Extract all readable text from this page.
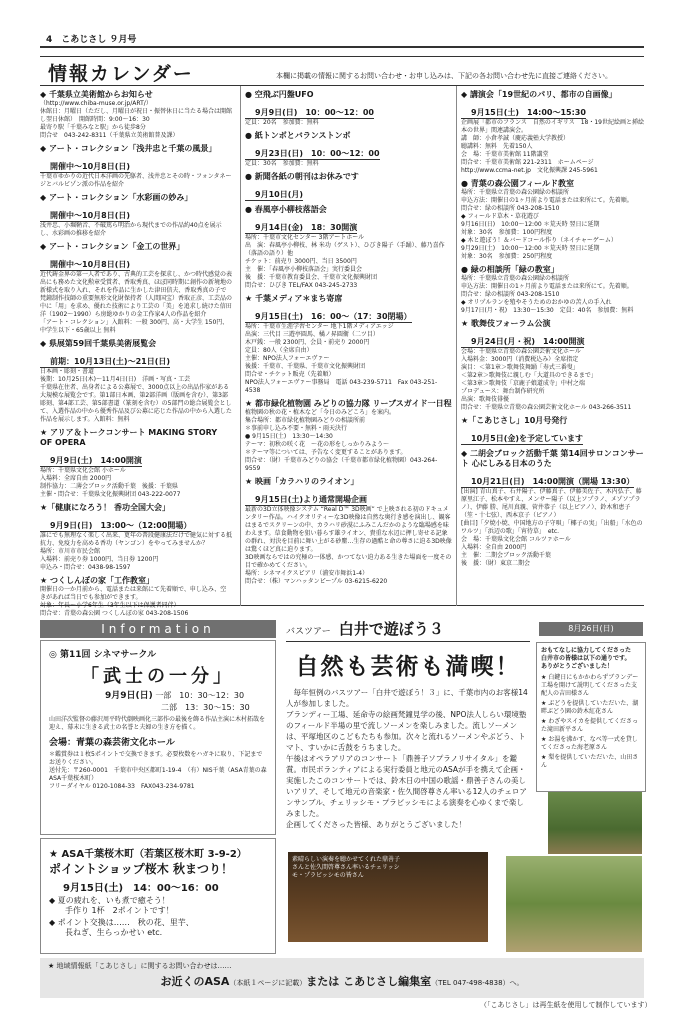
4　こあじさし ９月号
情報カレンダー	本欄に掲載の情報に関するお問い合わせ・お申し込みは、下記の各お問い合わせ先に直接ご連絡ください。
◆ 千葉県立美術館からお知らせ
（http://www.chiba-muse.or.jp/ART/）
休館日：月曜日（ただし、月曜日が祝日・振替休日に当たる場合は開館し翌日休館）　開館時間：9:00〜16：30
最寄り駅「千葉みなと駅」から徒歩8分
問合せ　043-242-8311（千葉県立美術館普及課）
◆ アート・コレクション「浅井忠と千葉の風景」
開催中〜10月8日(日)
千葉市ゆかりの近代日本洋画の先駆者、浅井忠とその時・フォンタネージとバルビゾン派の作品を紹介
◆ アート・コレクション「水彩画の妙み」
開催中〜10月8日(日)
浅井忠、小堀鞆音、不破篤ら明治から現代までの作品約40点を展示し、水彩画の推移を紹介
◆ アート・コレクション「金工の世界」
開催中〜10月8日(日)
近代鋳金界の第一人者であり、古典的工芸を探求し、かつ時代感覚の表出にも務めた文化勲章受賞者、香取秀真、ほぼ同時期に創作の新境地の新様式を取り入れ、それを作品に生かした津田信夫、香取秀真の子で梵鐘制作技師の重要無形文化財保持者（人間国宝）香取正彦、工芸品の中に「用」を求め、優れた技術により工芸の「美」を追求し続けた信田洋（1902〜1990）ら房総ゆかりの金工作家4人の作品を紹介
「アート・コレクション」入館料：一般 300円、高・大学生 150円、中学生以下・65歳以上 無料
◆ 県展第59回千葉県美術展覧会
前期：10月13日(土)〜21日(日)
日本画・彫刻・書道
後期：10月25日(木)〜11月4日(日)　洋画・写真・工芸
千葉県在住者、出身者による公募展で、3000点以上の出品作家がある大規模な展覧会です。第1部日本画、第2部洋画（版画を含む）、第3部彫刻、第4部工芸、第5部書道（篆刻を含む）の5部門の総合展覧会として、入選作品の中から優秀作品及び公募に応じた作品の中から入選した作品を展示します。入館料：無料
★ アリア＆トークコンサート MAKING STORY OF OPERA
9月9日(土)　14:00開演
場所：千葉県文化会館 小ホール
入場料：全席自由 2000円
制作協力：二薄会ブロック活動千葉　後援：千葉県
主催・問合せ：千葉県文化振興財団 043-222-0077
★「健康になろう！ 香功全国大会」
9月9日(日)　13:00〜（12:00開場）
誰にでも無理なく楽しく出来、更年の普段健康法だけで健気に対する抵抗力、免疫力を高める香功（ヤンゴン）をやってみませんか？
場所：市川市市民会館
入場料：前売り券 1000円、当日券 1200円
申込み・問合せ：0438-98-1597
★ つくしんぼの家「工作教室」
開催日の一か月前から、電話または来館にて先着順で、申し込み、空きがあれば当日でも参加ができます。
対象：年長〜小学6年生（3年生以下は保護者同伴）
問合せ：青葉の森公園 つくしんぼの家 043-208-1506
● 空飛ぶ円盤UFO
9月9日(日)　10：00〜12：00
定員：20名　参加費：無料
● 紙トンボとバランストンボ
9月23日(日)　10：00〜12：00
定員：30名　参加費：無料
● 新聞各紙の朝刊はお休みです
9月10日(月)
● 春風亭小柳枝落語会
9月14日(金)　18：30開演
場所：千葉市文化センター 3階アートホール
出　演：春風亭小柳枝、林 米功（ゲスト）、ひびき陽子（手踊）、藤乃喜作（落語の語り）他
チケット：前売り 3000円、当日 3500円
主　催：「春風亭小柳枝落語会」実行委員会
後　援：千葉市教育委員会、千葉市文化振興財団
問合せ：ひびき TEL/FAX 043-245-2733
★ 千葉メディア＊まち寄席
9月15日(土)　16：00〜（17：30閉場）
場所：千葉市生涯学習センター 地下1階メディアエッジ
出演：三代目 三遊亭圓馬、橘ノ昇圓衛（二ツ目）
木戸銭：一般 2300円、会員・前売り 2000円
定員：80人（全席自由）
主催：NPO法人フォーエヴァー
後援：千葉市、千葉県、千葉市文化振興財団
問合せ・チケット販売（先着順）
NPO法人フォーエヴァー事務局　電話 043-239-5711　Fax 043-251-4538
★ 都市緑化植物園 みどりの協力隊 リーブスガイド一日程
植物園の秋の花・植木など「今日のみどころ」を案内。
集合場所：都市緑化植物園みどりの相談所前
＊事前申し込み不要・無料・雨天決行
● 9月15日(土)　13:30〜14:30
テーマ：初秋の咲く花　〜花の形をしっかりみよう〜
＊テーマ等については、予告なく変更することがあります。
問合せ：（財）千葉市みどりの協会（千葉市都市緑化植物園）043-264-9559
★ 映画「カラハリのライオン」
9月15日(土)より通常開場企画
最新の3D立体映像システム “Real D™ 3D映画” で上映される初のドキュメンタリー作品。ハイクオリティーな3D映像は自然な奥行き感を演出し、観客はまるでスクリーンの中、カラハリ砂漠にふみこんだかのような臨場感を味わえます。草食動物を狙い暮らす雄ライオン、貴重な水辺に押し寄せる記象の群れ、対決を目前に舞い上がる砂塵…生存の過酷と命の尊さに迫る3D映像は驚くほど真に迫ります。
3D映画ならではの究極の一体感、かつてない迫力ある生きた場面を一度その目で確かめてください。
場所：シネマイクスピアリ（浦安市舞浜1-4）
問合せ：（株）マンハッタンピープル 03-6215-6220
◆ 講演会「19世紀のパリ、都市の自画像」
9月15日(土)　14:00〜15:30
企画展「都市のフランス　自然のイギリス　18・19世紀絵画と挿絵本の世界」関連講演会。
講　師：小倉孝誠（慶応義塾大学教授）
聴講料：無料　先着150人
会　場：千葉市美術館 11階講堂
問合せ：千葉市美術館 221-2311　ホームページ http://www.ccma-net.jp　文化振興課 245-5961
● 青葉の森公園フィールド教室
場所：千葉県立青葉の森公園緑の相談所
申込方法：開催日の1ヶ月前より電話または来所にて。先着順。
問合せ：緑の相談所 043-208-1510
◆ フィールド草木・草花遊び
9月16日(日)　10:00〜12:00 ＊荒天時 翌日に延期
対象：30名　参加費：100円程度
◆ 木と遊ぼう！＆バードコール作り（ネイチャーゲーム）
9月29日(土)　10:00〜12:00 ＊荒天時 翌日に延期
対象：30名　参加費：250円程度
● 緑の相談所「緑の教室」
場所：千葉県立青葉の森公園緑の相談所
申込方法：開催日の1ヶ月前より電話または来所にて。先着順。
問合せ：緑の相談所 043-208-1510
◆ オリヅルランを殖やそうためのおかゆの苦人の手入れ
9月17日(月・祝)　13:30〜15:30　定員：40名　参加費：無料
★ 歌舞伎フォーラム公演
9月24日(月・祝)　14:00開演
会場：千葉県立青葉の森公園芸術文化ホール
入場料金：3000円（消費税込み）全席指定
演目：＜第1章＞歌舞伎舞踊「寿式三番叟」
＜第2章＞歌舞伎に親しむ「大道具のできるまで」
＜第3章＞歌舞伎「京鹿子娘道成寺」中村之端
プロデュース：舞台制作研究所
出演：歌舞伎俳優
問合せ：千葉県立青葉の森公園芸術文化ホール 043-266-3511
★「こあじさし」10月号発行
10月5日(金)を予定しています
◆ 二胡会ブロック活動千葉 第14回サロンコンサート 心にしみる日本のうた
10月21日(日)　14:00開演（開場 13:30）
[出演] 青山真子、石井陽子、伊藤真子、伊藤美佐子、木内弘子、藤原里江子、松本やすえ、メンサー陽子（以上ソプラノ、メゾソプラノ）、伊藤 勝、尾川真親、菅井恭子（以上ピアノ）、鈴木和恵子（笙・十七弦）、西本京子（ピアノ）
[曲目]「夕焼小焼、中国地方の子守唄」「椰子の実」「出船」「水色のワルツ」「浜辺の歌」「宵待草」　etc.
会　場：千葉県文化会館 コルツァホール
入場料：全自由 2000円
主　催：二期会ブロック活動千葉
後　援：（財）東京二期会
Information
◎ 第11回 シネマサークル
「武士の一分」
9月9日(日) 一部　10：30〜12：30
二部　13：30〜15：30
山田洋次監督の藤沢周平時代劇映画化三部作の最後を飾る作品主演に木村拓哉を迎え、幕末に生きる武士の名誉と夫婦の生き方を描く。
会場：青葉の森芸術文化ホール
＊鑑賞券は１枚5ポイントで交換できます。必要枚数をハガキに取り、下記までお送りください。
送付先：〒260-0001　千葉市中央区都町1-19-4　（有）NIS千葉（ASA青葉の森 ASA千葉桜木町）
フリーダイヤル 0120-1084-33　FAX043-234-9781
★ ASA千葉桜木町（若葉区桜木町 3-9-2）
ポイントショップ桜木 秋まつり！
9月15日(土)　14：00〜16：00
◆ 夏の疲れを、いも煮で癒そう！
　　手作り 1杯　2ポイントです！
◆ ポイント交換は……　秋の花、里芋、
　　長ねぎ、生らっかせい etc.
バスツアー 白井で遊ぼう３
自然も芸術も満喫！
毎年恒例のバスツアー「白井で遊ぼう！３」に、千葉市内のお客様14人が参加しました。
ブランディー工場、延命寺の絵画梵鐘見学の後、NPO法人しらい環境塾のフィールド半場の里で流しソーメンを楽しみました。流しソーメンは、平塚地区のこどもたちも参加。次々と流れるソーメンやぶどう、トマト、すいかに舌鼓をうちました。
午後はオペラアリアのコンサート「鼎善子ソプラノリサイタル」を鑑賞。市民ボランティアによる実行委員と地元のASAが手を携えて企画・実施したこのコンサートでは、鈴木日の中国の歌謡・鼎善子さんの美しいアリア、そして地元の音楽家・佐久間啓尊さん率いる12人のチェロアンサンブル、チェリッシモ・プラビッシモによる演奏を心ゆくまで楽しみました。
企画してくださった皆様、ありがとうございました！
素晴らしい演奏を聴かせてくれた鼎善子
さんと佐久間啓尊さん率いるチェリッシ
モ・プラビッシモの皆さん
8月26日(日)
おもてなしに協力してくださった
白井市の皆様は以下の通りです。
ありがとうございました！
★ 白鍵日にもかかわらずブランデー工場を開けて説明してくださった支配人の吉田様さん
★ ぶどうを提供していただいた、湖畔ぶどう園の鈴木紅花さん
★ わざやスイカを提供してくださった滝田新平さん
★ お湯を沸かす、なべ等一式を貸してくださった海老原さん
★ 梨を提供していただいた、山田さん
★ 地域情報紙「こあじさし」に関するお問い合わせは……
お近くのASA（本紙１ページに記載）または こあじさし編集室（TEL 047-498-4838）へ。
（「こあじさし」は再生紙を使用して制作しています）
